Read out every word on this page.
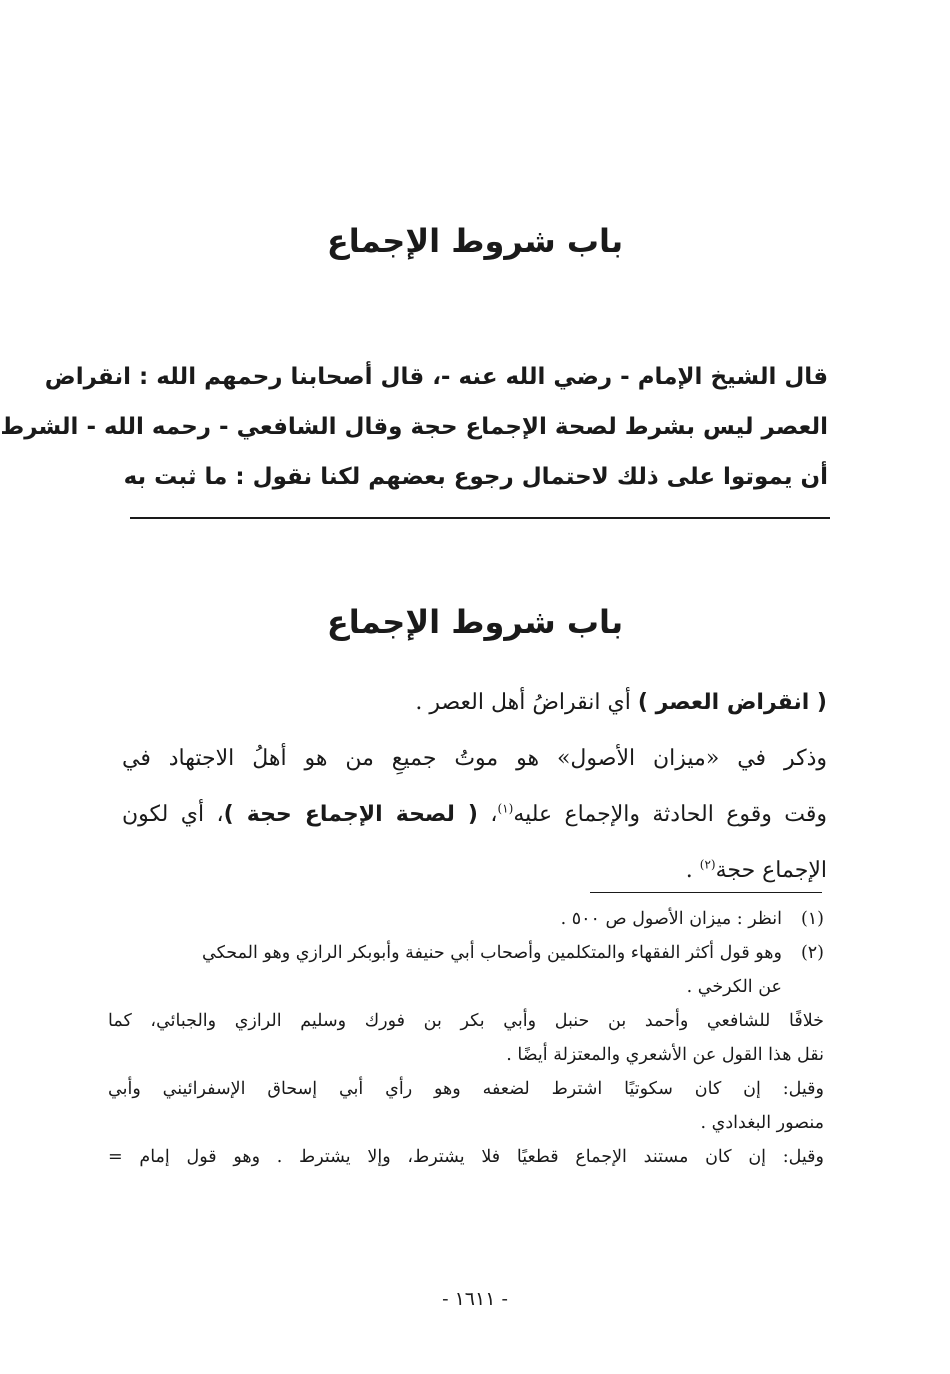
باب شروط الإجماع
قال الشيخ الإمام - رضي الله عنه -، قال أصحابنا رحمهم الله : انقراض
العصر ليس بشرط لصحة الإجماع حجة وقال الشافعي - رحمه الله - الشرط
أن يموتوا على ذلك لاحتمال رجوع بعضهم لكنا نقول : ما ثبت به
باب شروط الإجماع
( انقراض العصر ) أي انقراضُ أهل العصر .
وذكر في «ميزان الأصول» هو موتُ جميعِ من هو أهلُ الاجتهاد في
وقت وقوع الحادثة والإجماع عليه$^{(١)}$، ( لصحة الإجماع حجة )، أي لكون
الإجماع حجة$^{(٢)}$ .
(١)انظر : ميزان الأصول ص ٥٠٠ .
(٢)وهو قول أكثر الفقهاء والمتكلمين وأصحاب أبي حنيفة وأبوبكر الرازي وهو المحكي
عن الكرخي .
خلافًا للشافعي وأحمد بن حنبل وأبي بكر بن فورك وسليم الرازي والجبائي، كما
نقل هذا القول عن الأشعري والمعتزلة أيضًا .
وقيل: إن كان سكوتيًا اشترط لضعفه وهو رأي أبي إسحاق الإسفرائيني وأبي
منصور البغدادي .
وقيل: إن كان مستند الإجماع قطعيًا فلا يشترط، وإلا يشترط . وهو قول إمام =
- ١٦١١ -
